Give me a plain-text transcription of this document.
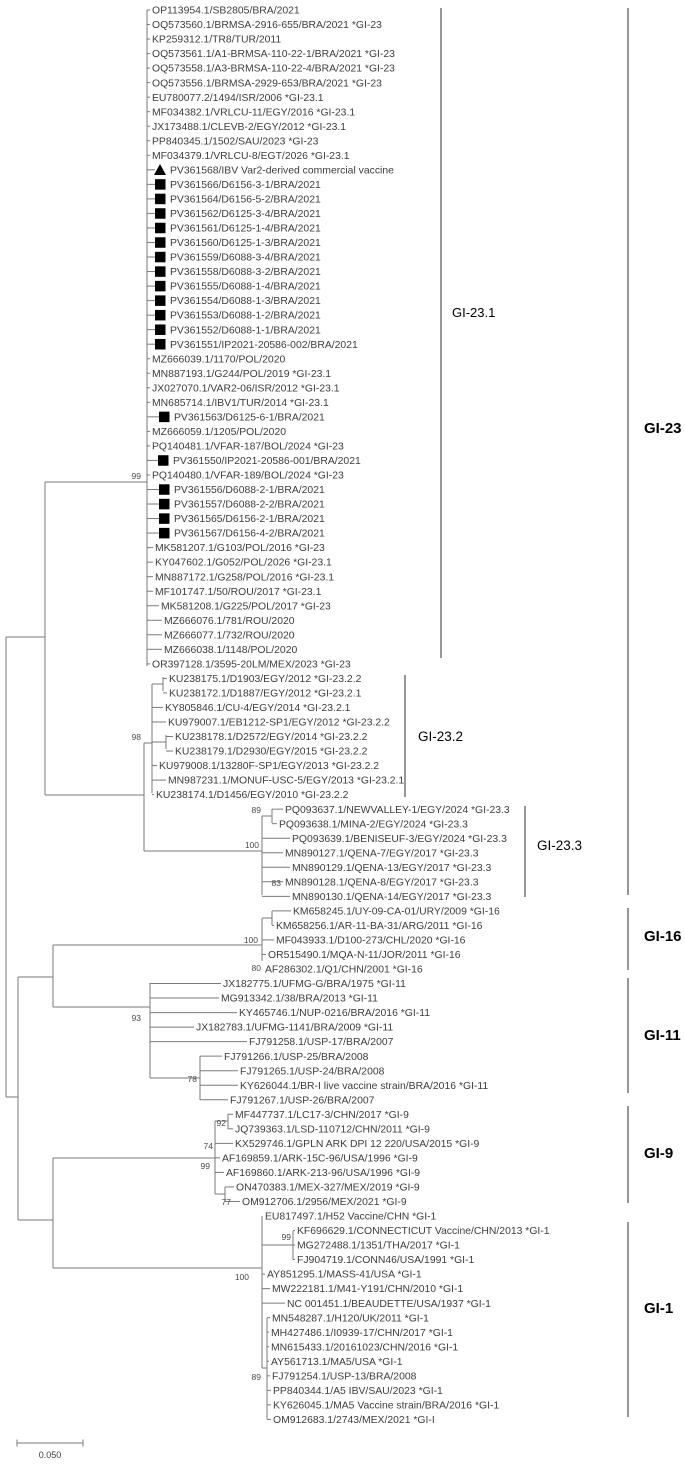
OP113954.1/SB2805/BRA/2021
OQ573560.1/BRMSA-2916-655/BRA/2021 *GI-23
KP259312.1/TR8/TUR/2011
OQ573561.1/A1-BRMSA-110-22-1/BRA/2021 *GI-23
OQ573558.1/A3-BRMSA-110-22-4/BRA/2021 *GI-23
OQ573556.1/BRMSA-2929-653/BRA/2021 *GI-23
EU780077.2/1494/ISR/2006 *GI-23.1
MF034382.1/VRLCU-11/EGY/2016 *GI-23.1
JX173488.1/CLEVB-2/EGY/2012 *GI-23.1
PP840345.1/1502/SAU/2023 *GI-23
MF034379.1/VRLCU-8/EGT/2026 *GI-23.1
PV361568/IBV Var2-derived commercial vaccine
PV361566/D6156-3-1/BRA/2021
PV361564/D6156-5-2/BRA/2021
PV361562/D6125-3-4/BRA/2021
PV361561/D6125-1-4/BRA/2021
PV361560/D6125-1-3/BRA/2021
PV361559/D6088-3-4/BRA/2021
PV361558/D6088-3-2/BRA/2021
PV361555/D6088-1-4/BRA/2021
PV361554/D6088-1-3/BRA/2021
PV361553/D6088-1-2/BRA/2021
PV361552/D6088-1-1/BRA/2021
PV361551/IP2021-20586-002/BRA/2021
MZ666039.1/1170/POL/2020
MN887193.1/G244/POL/2019 *GI-23.1
JX027070.1/VAR2-06/ISR/2012 *GI-23.1
MN685714.1/IBV1/TUR/2014 *GI-23.1
PV361563/D6125-6-1/BRA/2021
MZ666059.1/1205/POL/2020
PQ140481.1/VFAR-187/BOL/2024 *GI-23
PV361550/IP2021-20586-001/BRA/2021
PQ140480.1/VFAR-189/BOL/2024 *GI-23
PV361556/D6088-2-1/BRA/2021
PV361557/D6088-2-2/BRA/2021
PV361565/D6156-2-1/BRA/2021
PV361567/D6156-4-2/BRA/2021
MK581207.1/G103/POL/2016 *GI-23
KY047602.1/G052/POL/2026 *GI-23.1
MN887172.1/G258/POL/2016 *GI-23.1
MF101747.1/50/ROU/2017 *GI-23.1
MK581208.1/G225/POL/2017 *GI-23
MZ666076.1/781/ROU/2020
MZ666077.1/732/ROU/2020
MZ666038.1/1148/POL/2020
OR397128.1/3595-20LM/MEX/2023 *GI-23
KU238175.1/D1903/EGY/2012 *GI-23.2.2
KU238172.1/D1887/EGY/2012 *GI-23.2.1
KY805846.1/CU-4/EGY/2014 *GI-23.2.1
KU979007.1/EB1212-SP1/EGY/2012 *GI-23.2.2
KU238178.1/D2572/EGY/2014 *GI-23.2.2
KU238179.1/D2930/EGY/2015 *GI-23.2.2
KU979008.1/13280F-SP1/EGY/2013 *GI-23.2.2
MN987231.1/MONUF-USC-5/EGY/2013 *GI-23.2.1
KU238174.1/D1456/EGY/2010 *GI-23.2.2
PQ093637.1/NEWVALLEY-1/EGY/2024 *GI-23.3
PQ093638.1/MINA-2/EGY/2024 *GI-23.3
PQ093639.1/BENISEUF-3/EGY/2024 *GI-23.3
MN890127.1/QENA-7/EGY/2017 *GI-23.3
MN890129.1/QENA-13/EGY/2017 *GI-23.3
MN890128.1/QENA-8/EGY/2017 *GI-23.3
MN890130.1/QENA-14/EGY/2017 *GI-23.3
KM658245.1/UY-09-CA-01/URY/2009 *GI-16
KM658256.1/AR-11-BA-31/ARG/2011 *GI-16
MF043933.1/D100-273/CHL/2020 *GI-16
OR515490.1/MQA-N-11/JOR/2011 *GI-16
AF286302.1/Q1/CHN/2001 *GI-16
JX182775.1/UFMG-G/BRA/1975 *GI-11
MG913342.1/38/BRA/2013 *GI-11
KY465746.1/NUP-0216/BRA/2016 *GI-11
JX182783.1/UFMG-1141/BRA/2009 *GI-11
FJ791258.1/USP-17/BRA/2007
FJ791266.1/USP-25/BRA/2008
FJ791265.1/USP-24/BRA/2008
KY626044.1/BR-I live vaccine strain/BRA/2016 *GI-11
FJ791267.1/USP-26/BRA/2007
MF447737.1/LC17-3/CHN/2017 *GI-9
JQ739363.1/LSD-110712/CHN/2011 *GI-9
KX529746.1/GPLN ARK DPI 12 220/USA/2015 *GI-9
AF169859.1/ARK-15C-96/USA/1996 *GI-9
AF169860.1/ARK-213-96/USA/1996 *GI-9
ON470383.1/MEX-327/MEX/2019 *GI-9
OM912706.1/2956/MEX/2021 *GI-9
EU817497.1/H52 Vaccine/CHN *GI-1
KF696629.1/CONNECTICUT Vaccine/CHN/2013 *GI-1
MG272488.1/1351/THA/2017 *GI-1
FJ904719.1/CONN46/USA/1991 *GI-1
AY851295.1/MASS-41/USA *GI-1
MW222181.1/M41-Y191/CHN/2010 *GI-1
NC 001451.1/BEAUDETTE/USA/1937 *GI-1
MN548287.1/H120/UK/2011 *GI-1
MH427486.1/I0939-17/CHN/2017 *GI-1
MN615433.1/20161023/CHN/2016 *GI-1
AY561713.1/MA5/USA *GI-1
FJ791254.1/USP-13/BRA/2008
PP840344.1/A5 IBV/SAU/2023 *GI-1
KY626045.1/MA5 Vaccine strain/BRA/2016 *GI-1
OM912683.1/2743/MEX/2021 *GI-I
99
98
89
100
83
100
80
93
78
92
74
99
77
99
100
89
GI-23.1
GI-23
GI-23.2
GI-23.3
GI-16
GI-11
GI-9
GI-1
0.050
